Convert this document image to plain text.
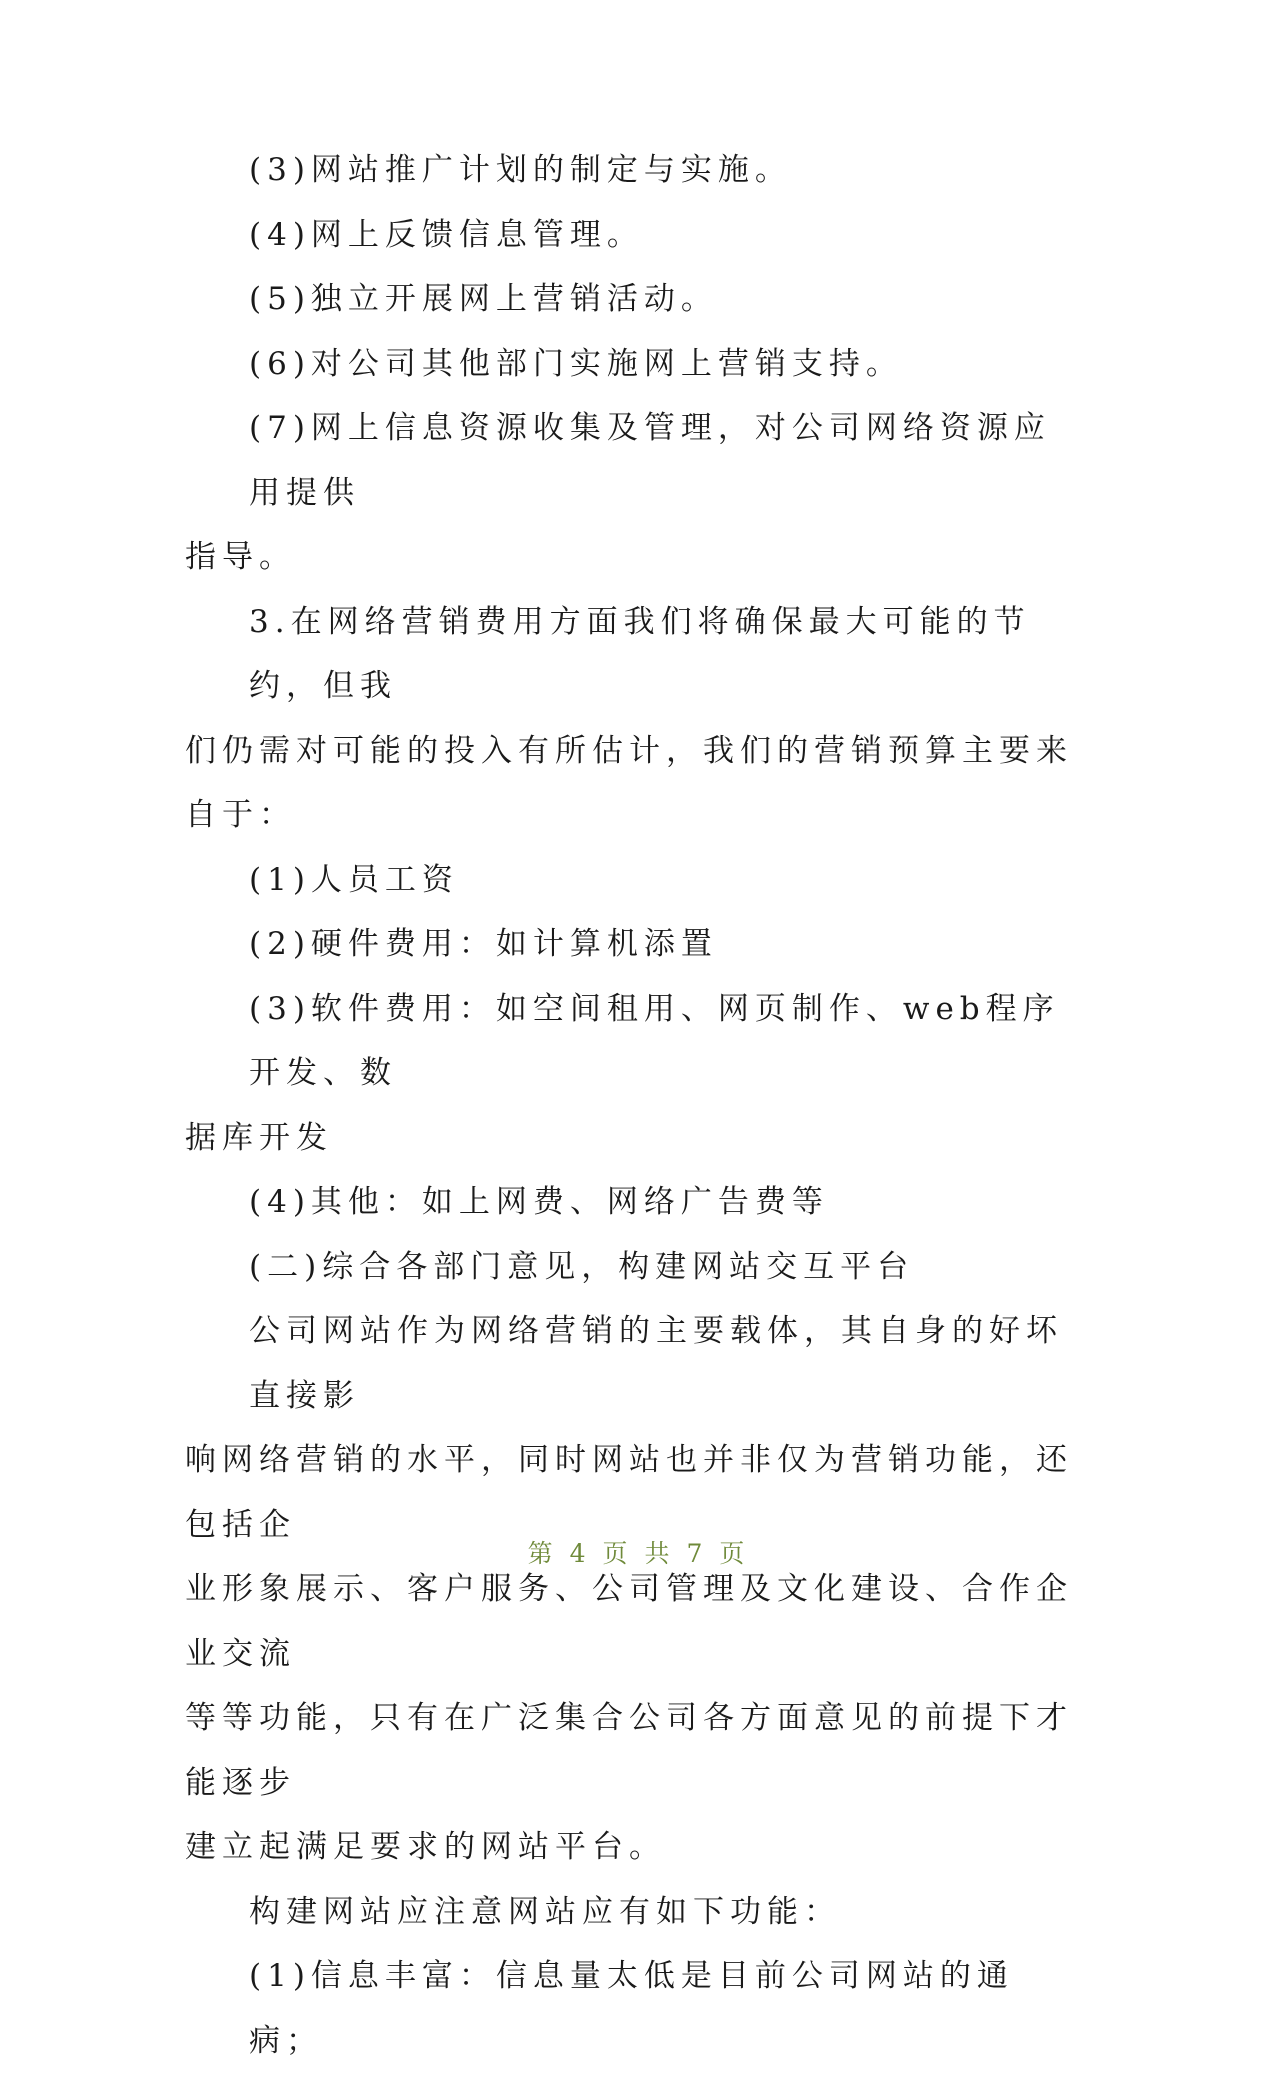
(3)网站推广计划的制定与实施。

(4)网上反馈信息管理。

(5)独立开展网上营销活动。

(6)对公司其他部门实施网上营销支持。

(7)网上信息资源收集及管理，对公司网络资源应用提供

指导。

3.在网络营销费用方面我们将确保最大可能的节约，但我

们仍需对可能的投入有所估计，我们的营销预算主要来自于：

(1)人员工资

(2)硬件费用：如计算机添置

(3)软件费用：如空间租用、网页制作、web程序开发、数

据库开发

(4)其他：如上网费、网络广告费等

(二)综合各部门意见，构建网站交互平台

公司网站作为网络营销的主要载体，其自身的好坏直接影

响网络营销的水平，同时网站也并非仅为营销功能，还包括企

业形象展示、客户服务、公司管理及文化建设、合作企业交流

等等功能，只有在广泛集合公司各方面意见的前提下才能逐步

建立起满足要求的网站平台。

构建网站应注意网站应有如下功能：

(1)信息丰富：信息量太低是目前公司网站的通病；

第 4 页 共 7 页
